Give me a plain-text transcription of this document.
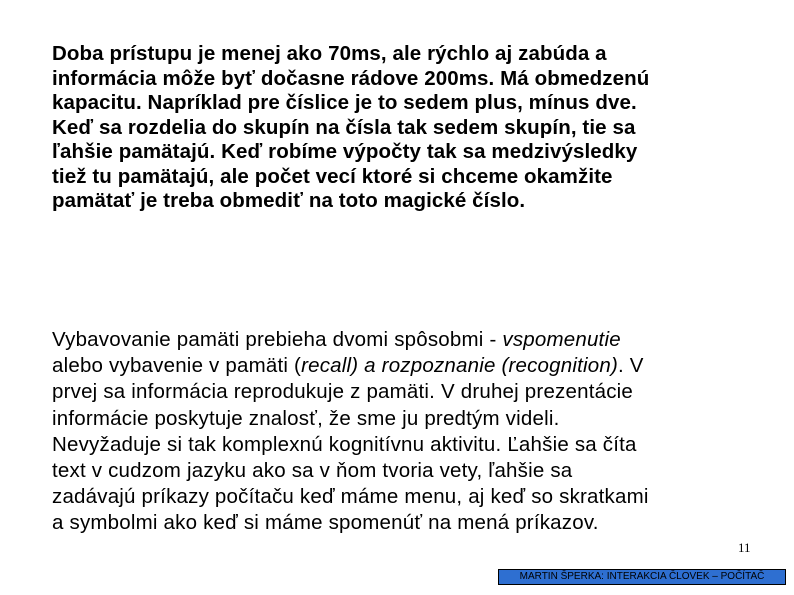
Doba prístupu je menej ako 70ms, ale rýchlo aj zabúda a
informácia môže byť dočasne rádove 200ms. Má obmedzenú
kapacitu. Napríklad pre číslice je to sedem plus, mínus dve.
Keď sa rozdelia do skupín na čísla tak sedem skupín, tie sa
ľahšie pamätajú. Keď robíme výpočty tak sa medzivýsledky
tiež tu pamätajú, ale počet vecí ktoré si chceme okamžite
pamätať je treba obmediť na toto magické číslo.
Vybavovanie pamäti prebieha dvomi spôsobmi - vspomenutie
alebo vybavenie v pamäti (recall) a rozpoznanie (recognition). V
prvej sa informácia reprodukuje z pamäti. V druhej prezentácie
informácie poskytuje znalosť, že sme ju predtým videli.
Nevyžaduje si tak komplexnú kognitívnu aktivitu. Ľahšie sa číta
text v cudzom jazyku ako sa v ňom tvoria vety, ľahšie sa
zadávajú príkazy počítaču keď máme menu, aj keď so skratkami
a symbolmi ako keď si máme spomenúť na mená príkazov.
11
MARTIN ŠPERKA: INTERAKCIA ČLOVEK – POČÍTAČ
